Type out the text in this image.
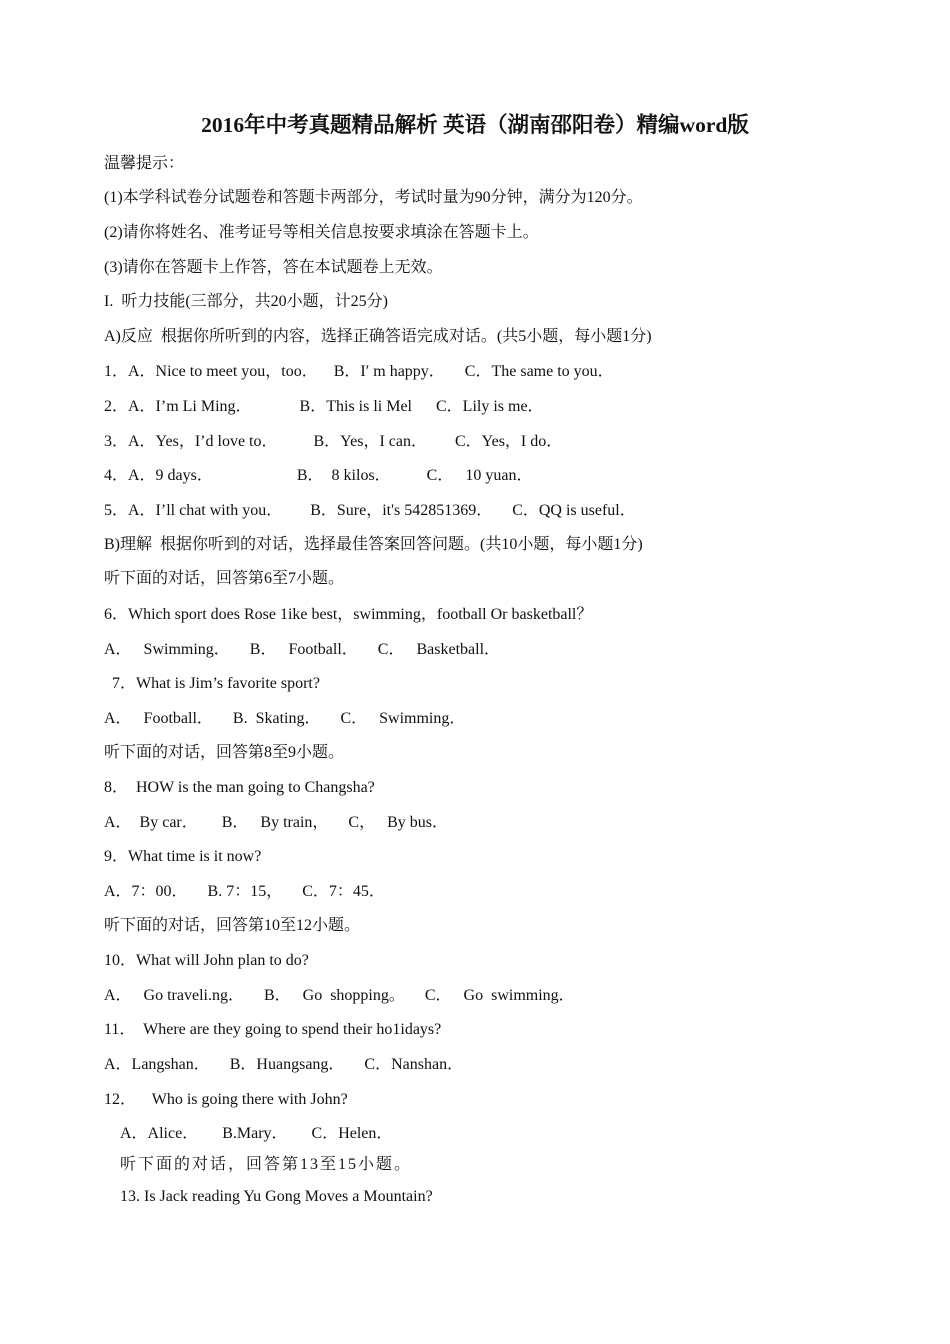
2016年中考真题精品解析 英语（湖南邵阳卷）精编word版
温馨提示：
(1)本学科试卷分试题卷和答题卡两部分，考试时量为90分钟，满分为120分。
(2)请你将姓名、准考证号等相关信息按要求填涂在答题卡上。
(3)请你在答题卡上作答，答在本试题卷上无效。
I.  听力技能(三部分，共20小题，计25分)
A)反应  根据你所听到的内容，选择正确答语完成对话。(共5小题，每小题1分)
1．A．Nice to meet you，too．    B．I′ m happy．     C．The same to you．
2．A．I’m Li Ming．            B．This is li Mel      C．Lily is me．
3．A．Yes，I’d love to．         B．Yes，I can．       C．Yes，I do．
4．A．9 days．                     B．  8 kilos．         C．   10 yuan．
5．A．I’ll chat with you．       B．Sure，it's 542851369．     C．QQ is useful．
B)理解  根据你听到的对话，选择最佳答案回答问题。(共10小题，每小题1分)
听下面的对话，回答第6至7小题。
6．Which sport does Rose 1ike best，swimming，football Or basketball？
A．   Swimming．     B．   Football．     C．   Basketball．
7．What is Jim’s favorite sport?
A．   Football．     B.  Skating．     C．   Swimming．
听下面的对话，回答第8至9小题。
8．  HOW is the man going to Changsha?
A．  By car．      B．   By train，     C，   By bus．
9．What time is it now?
A．7：00．     B. 7：15，     C．7：45．
听下面的对话，回答第10至12小题。
10．What will John plan to do?
A．   Go traveli.ng．     B．   Go  shopping。     C．   Go  swimming．
11．  Where are they going to spend their ho1idays?
A．Langshan．     B．Huangsang．     C．Nanshan．
12．    Who is going there with John?
A．Alice．      B.Mary．      C．Helen．
听下面的对话，回答第13至15小题。
13. Is Jack reading Yu Gong Moves a Mountain?
